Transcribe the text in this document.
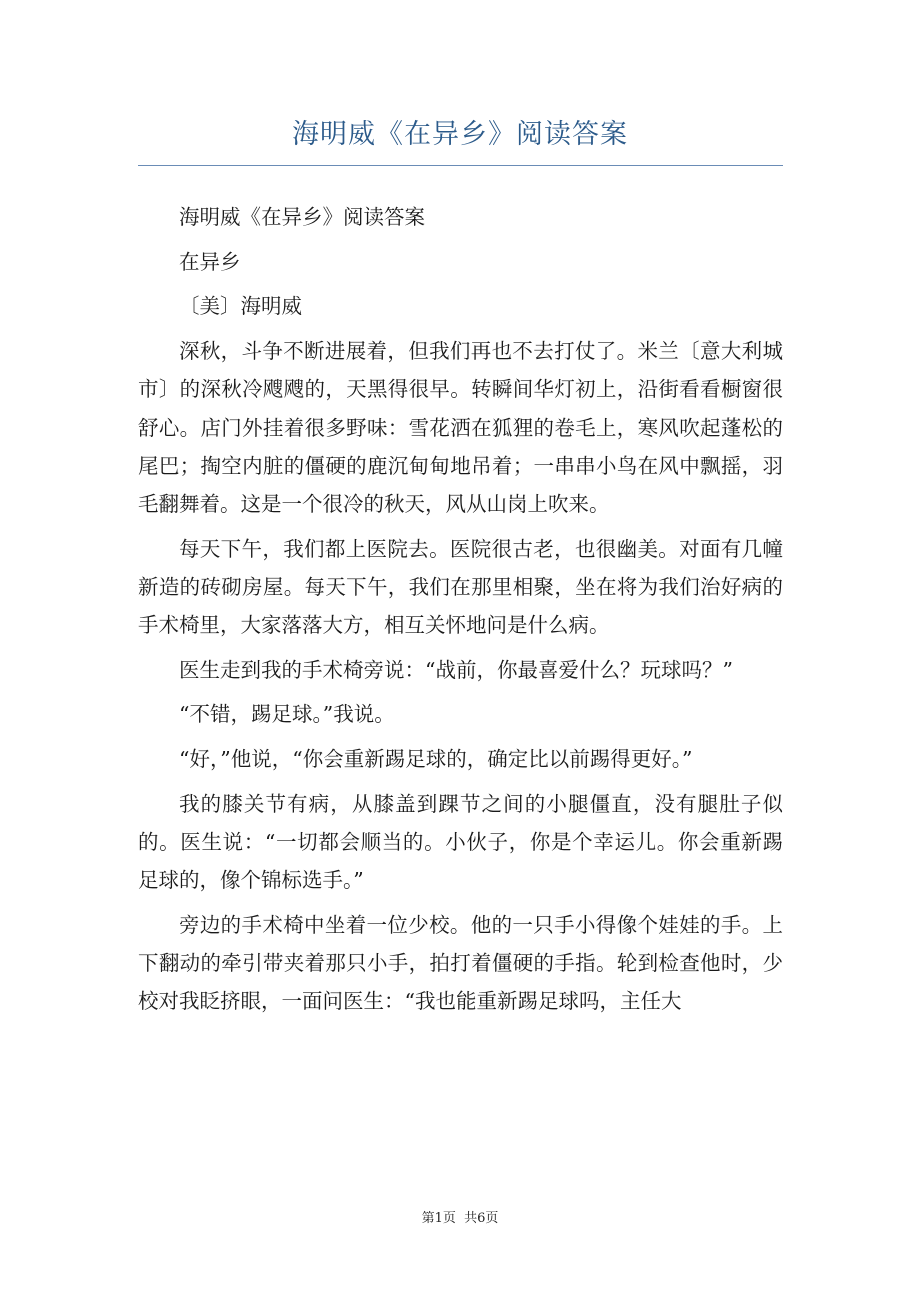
海明威《在异乡》阅读答案

海明威《在异乡》阅读答案

在异乡

〔美〕海明威

深秋，斗争不断进展着，但我们再也不去打仗了。米兰〔意大利城市〕的深秋冷飕飕的，天黑得很早。转瞬间华灯初上，沿街看看橱窗很舒心。店门外挂着很多野味：雪花洒在狐狸的卷毛上，寒风吹起蓬松的尾巴；掏空内脏的僵硬的鹿沉甸甸地吊着；一串串小鸟在风中飘摇，羽毛翻舞着。这是一个很冷的秋天，风从山岗上吹来。

每天下午，我们都上医院去。医院很古老，也很幽美。对面有几幢新造的砖砌房屋。每天下午，我们在那里相聚，坐在将为我们治好病的手术椅里，大家落落大方，相互关怀地问是什么病。

医生走到我的手术椅旁说：“战前，你最喜爱什么？玩球吗？”

“不错，踢足球。”我说。

“好，”他说，“你会重新踢足球的，确定比以前踢得更好。”

我的膝关节有病，从膝盖到踝节之间的小腿僵直，没有腿肚子似的。医生说：“一切都会顺当的。小伙子，你是个幸运儿。你会重新踢足球的，像个锦标选手。”

旁边的手术椅中坐着一位少校。他的一只手小得像个娃娃的手。上下翻动的牵引带夹着那只小手，拍打着僵硬的手指。轮到检查他时，少校对我眨挤眼，一面问医生：“我也能重新踢足球吗，主任大

第1页 共6页
